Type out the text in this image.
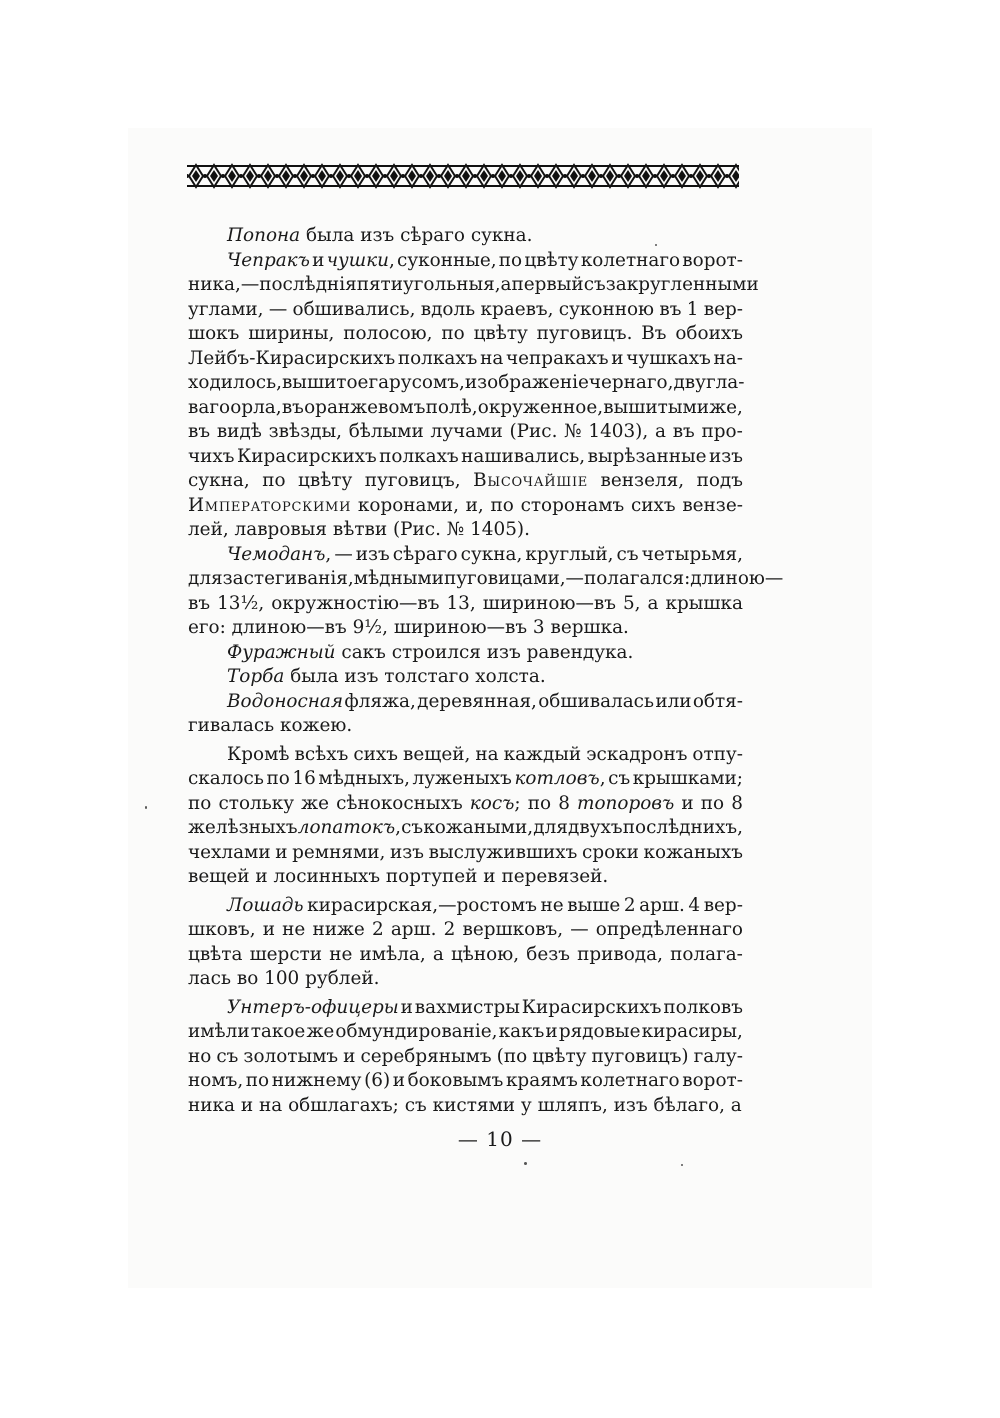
Попона была изъ сѣраго сукна.
Чепракъ и чушки, суконные, по цвѣту колетнаго ворот-
ника,—послѣднія пятиугольныя, а первый съ закругленными
углами, — обшивались, вдоль краевъ, суконною въ 1 вер-
шокъ ширины, полосою, по цвѣту пуговицъ. Въ обоихъ
Лейбъ-Кирасирскихъ полкахъ на чепракахъ и чушкахъ на-
ходилось, вышитое гарусомъ, изображеніе чернаго, двугла-
ваго орла, въ оранжевомъ полѣ, окруженное, вышитыми же,
въ видѣ звѣзды, бѣлыми лучами (Рис. № 1403), а въ про-
чихъ Кирасирскихъ полкахъ нашивались, вырѣзанные изъ
сукна, по цвѣту пуговицъ, Высочайшіе вензеля, подъ
Императорскими коронами, и, по сторонамъ сихъ вензе-
лей, лавровыя вѣтви (Рис. № 1405).
Чемоданъ, — изъ сѣраго сукна, круглый, съ четырьмя,
для застегиванія, мѣдными пуговицами,—полагался: длиною —
въ 13½, окружностію—въ 13, шириною—въ 5, а крышка
его: длиною—въ 9½, шириною—въ 3 вершка.
Фуражный сакъ строился изъ равендука.
Торба была изъ толстаго холста.
Водоносная фляжа, деревянная, обшивалась или обтя-
гивалась кожею.
Кромѣ всѣхъ сихъ вещей, на каждый эскадронъ отпу-
скалось по 16 мѣдныхъ, луженыхъ котловъ, съ крышками;
по стольку же сѣнокосныхъ косъ; по 8 топоровъ и по 8
желѣзныхъ лопатокъ, съ кожаными, для двухъ послѣднихъ,
чехлами и ремнями, изъ выслужившихъ сроки кожаныхъ
вещей и лосинныхъ портупей и перевязей.
Лошадь кирасирская,—ростомъ не выше 2 арш. 4 вер-
шковъ, и не ниже 2 арш. 2 вершковъ, — опредѣленнаго
цвѣта шерсти не имѣла, а цѣною, безъ привода, полага-
лась во 100 рублей.
Унтеръ-офицеры и вахмистры Кирасирскихъ полковъ
имѣли такое же обмундированіе, какъ и рядовые кирасиры,
но съ золотымъ и серебрянымъ (по цвѣту пуговицъ) галу-
номъ, по нижнему (6) и боковымъ краямъ колетнаго ворот-
ника и на обшлагахъ; съ кистями у шляпъ, изъ бѣлаго, а
— 10 —
